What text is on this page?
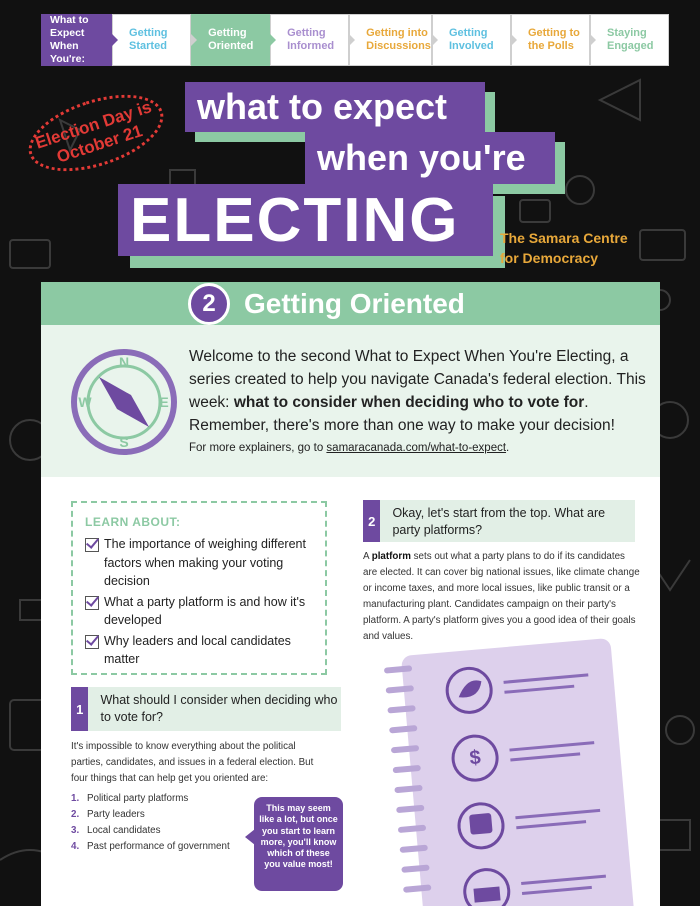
What to Expect When You're:
Getting Started
Getting Oriented
Getting Informed
Getting into Discussions
Getting Involved
Getting to the Polls
Staying Engaged
Election Day is October 21
what to expect
when you're
ELECTING	The Samara Centre for Democracy
2	Getting Oriented
N
S
E
W
Welcome to the second What to Expect When You're Electing, a series created to help you navigate Canada's federal election. This week: what to consider when deciding who to vote for. Remember, there's more than one way to make your decision!
For more explainers, go to samaracanada.com/what-to-expect.
LEARN ABOUT:
The importance of weighing different factors when making your voting decision
What a party platform is and how it's developed
Why leaders and local candidates matter
1
What should I consider when deciding who to vote for?
It's impossible to know everything about the political parties, candidates, and issues in a federal election. But four things that can help get you oriented are:
1. Political party platforms
2. Party leaders
3. Local candidates
4. Past performance of government
This may seem like a lot, but once you start to learn more, you'll know which of these you value most!
2
Okay, let's start from the top. What are party platforms?
A platform sets out what a party plans to do if its candidates are elected. It can cover big national issues, like climate change or income taxes, and more local issues, like public transit or a manufacturing plant. Candidates campaign on their party's platform. A party's platform gives you a good idea of their goals and values.
$
